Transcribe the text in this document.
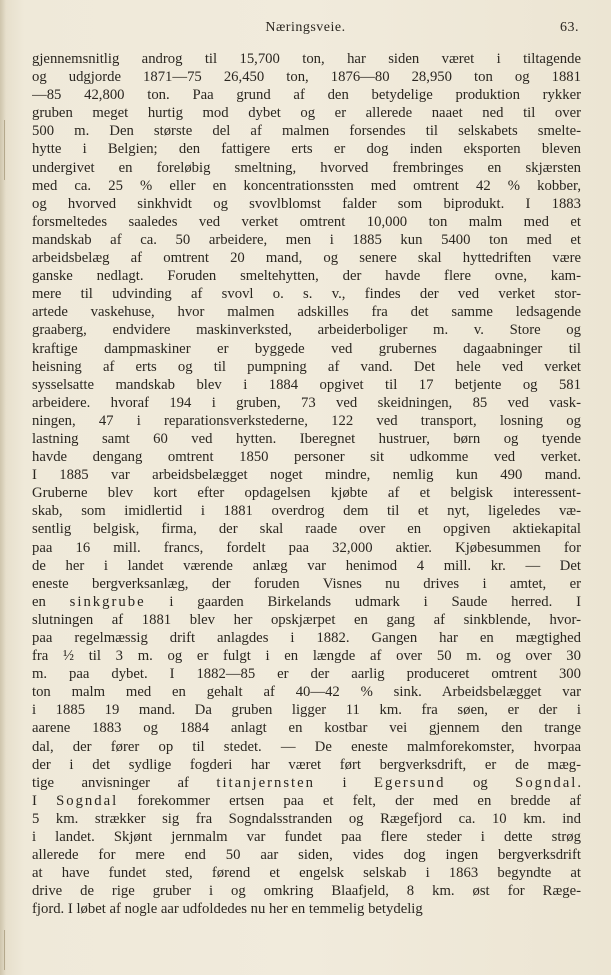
Næringsveie.	63.
gjennemsnitlig androg til 15,700 ton, har siden været i tiltagende
og udgjorde 1871—75 26,450 ton, 1876—80 28,950 ton og 1881
—85 42,800 ton. Paa grund af den betydelige produktion rykker
gruben meget hurtig mod dybet og er allerede naaet ned til over
500 m. Den største del af malmen forsendes til selskabets smelte-
hytte i Belgien; den fattigere erts er dog inden eksporten bleven
undergivet en foreløbig smeltning, hvorved frembringes en skjærsten
med ca. 25 % eller en koncentrationssten med omtrent 42 % kobber,
og hvorved sinkhvidt og svovlblomst falder som biprodukt. I 1883
forsmeltedes saaledes ved verket omtrent 10,000 ton malm med et
mandskab af ca. 50 arbeidere, men i 1885 kun 5400 ton med et
arbeidsbelæg af omtrent 20 mand, og senere skal hyttedriften være
ganske nedlagt. Foruden smeltehytten, der havde flere ovne, kam-
mere til udvinding af svovl o. s. v., findes der ved verket stor-
artede vaskehuse, hvor malmen adskilles fra det samme ledsagende
graaberg, endvidere maskinverksted, arbeiderboliger m. v. Store og
kraftige dampmaskiner er byggede ved grubernes dagaabninger til
heisning af erts og til pumpning af vand. Det hele ved verket
sysselsatte mandskab blev i 1884 opgivet til 17 betjente og 581
arbeidere. hvoraf 194 i gruben, 73 ved skeidningen, 85 ved vask-
ningen, 47 i reparationsverkstederne, 122 ved transport, losning og
lastning samt 60 ved hytten. Iberegnet hustruer, børn og tyende
havde dengang omtrent 1850 personer sit udkomme ved verket.
I 1885 var arbeidsbelægget noget mindre, nemlig kun 490 mand.
Gruberne blev kort efter opdagelsen kjøbte af et belgisk interessent-
skab, som imidlertid i 1881 overdrog dem til et nyt, ligeledes væ-
sentlig belgisk, firma, der skal raade over en opgiven aktiekapital
paa 16 mill. francs, fordelt paa 32,000 aktier. Kjøbesummen for
de her i landet værende anlæg var henimod 4 mill. kr. — Det
eneste bergverksanlæg, der foruden Visnes nu drives i amtet, er
en sinkgrube i gaarden Birkelands udmark i Saude herred. I
slutningen af 1881 blev her opskjærpet en gang af sinkblende, hvor-
paa regelmæssig drift anlagdes i 1882. Gangen har en mægtighed
fra ½ til 3 m. og er fulgt i en længde af over 50 m. og over 30
m. paa dybet. I 1882—85 er der aarlig produceret omtrent 300
ton malm med en gehalt af 40—42 % sink. Arbeidsbelægget var
i 1885 19 mand. Da gruben ligger 11 km. fra søen, er der i
aarene 1883 og 1884 anlagt en kostbar vei gjennem den trange
dal, der fører op til stedet. — De eneste malmforekomster, hvorpaa
der i det sydlige fogderi har været ført bergverksdrift, er de mæg-
tige anvisninger af titanjernsten i Egersund og Sogndal.
I Sogndal forekommer ertsen paa et felt, der med en bredde af
5 km. strækker sig fra Sogndalsstranden og Rægefjord ca. 10 km. ind
i landet. Skjønt jernmalm var fundet paa flere steder i dette strøg
allerede for mere end 50 aar siden, vides dog ingen bergverksdrift
at have fundet sted, førend et engelsk selskab i 1863 begyndte at
drive de rige gruber i og omkring Blaafjeld, 8 km. øst for Ræge-
fjord. I løbet af nogle aar udfoldedes nu her en temmelig betydelig
